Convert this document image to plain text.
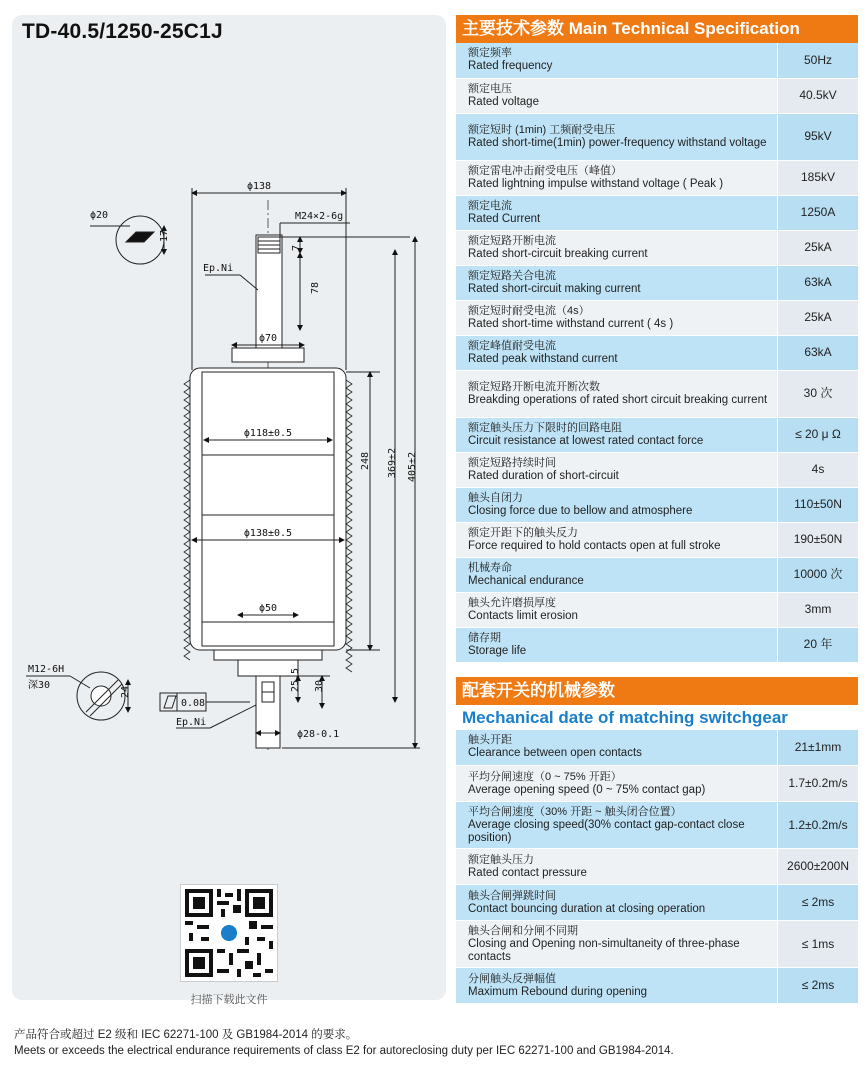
TD-40.5/1250-25C1J
ϕ138
ϕ20
17
M24×2-6g
7
78
Ep.Ni
ϕ70
ϕ118±0.5
248 369±2 405±2
ϕ138±0.5
ϕ50
M12-6H
深30
24
0.08
25.5 30
Ep.Ni
ϕ28-0.1
扫描下载此文件
主要技术参数 Main Technical Specification
额定频率
Rated frequency	50Hz

额定电压
Rated voltage	40.5kV

额定短时 (1min) 工频耐受电压
Rated short-time(1min) power-frequency withstand voltage	95kV

额定雷电冲击耐受电压（峰值）
Rated lightning impulse withstand voltage ( Peak )	185kV

额定电流
Rated Current	1250A

额定短路开断电流
Rated short-circuit breaking current	25kA

额定短路关合电流
Rated short-circuit making current	63kA

额定短时耐受电流（4s）
Rated short-time withstand current ( 4s )	25kA

额定峰值耐受电流
Rated peak withstand current	63kA

额定短路开断电流开断次数
Breakding operations of rated short circuit breaking current	30 次

额定触头压力下限时的回路电阻
Circuit resistance at lowest rated contact force	≤ 20 μ Ω

额定短路持续时间
Rated duration of short-circuit	4s

触头自闭力
Closing force due to bellow and atmosphere	110±50N

额定开距下的触头反力
Force required to hold contacts open at full stroke	190±50N

机械寿命
Mechanical endurance	10000 次

触头允许磨损厚度
Contacts limit erosion	3mm

储存期
Storage life	20 年
配套开关的机械参数
Mechanical date of matching switchgear
触头开距
Clearance between open contacts	21±1mm

平均分闸速度（0 ~ 75% 开距）
Average opening speed (0 ~ 75% contact gap)	1.7±0.2m/s

平均合闸速度（30% 开距 ~ 触头闭合位置）
Average closing speed(30% contact gap-contact close position)	1.2±0.2m/s

额定触头压力
Rated contact pressure	2600±200N

触头合闸弹跳时间
Contact bouncing duration at closing operation	≤ 2ms

触头合闸和分闸不同期
Closing and Opening non-simultaneity of three-phase contacts	≤ 1ms

分闸触头反弹幅值
Maximum Rebound during opening	≤ 2ms
产品符合或超过 E2 级和 IEC 62271-100 及 GB1984-2014 的要求。
Meets or exceeds the electrical endurance requirements of class E2 for autoreclosing duty per IEC 62271-100 and GB1984-2014.
